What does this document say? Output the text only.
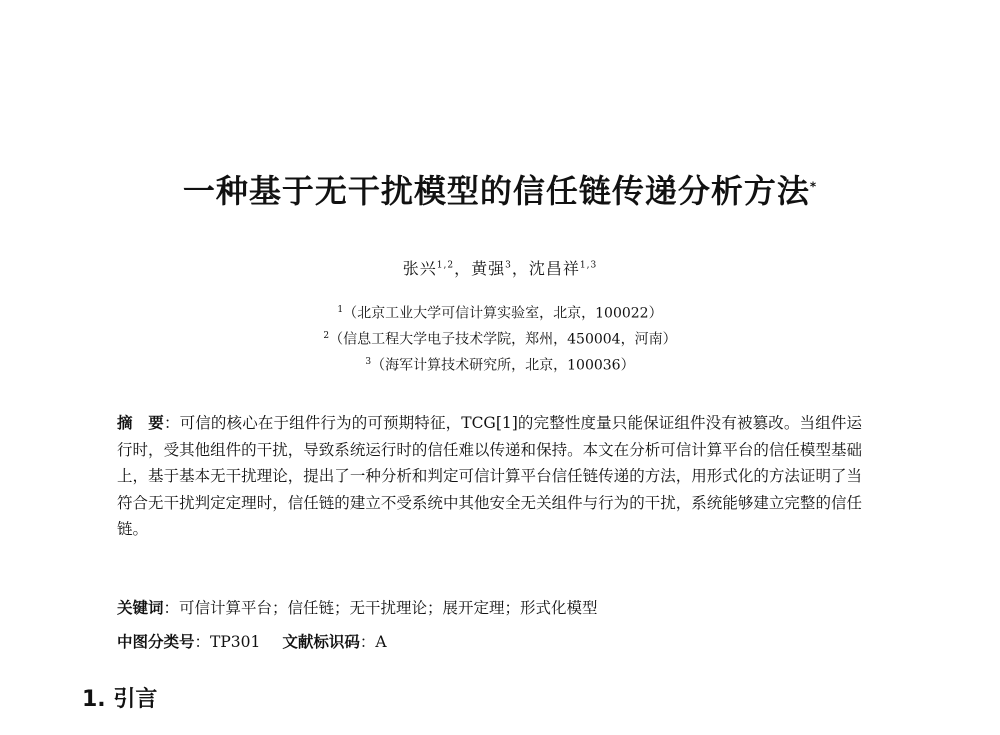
一种基于无干扰模型的信任链传递分析方法*
张兴$^{1,2}$，黄强$^3$，沈昌祥$^{1,3}$
$^1$（北京工业大学可信计算实验室，北京，100022）
$^2$（信息工程大学电子技术学院，郑州，450004，河南）
$^3$（海军计算技术研究所，北京，100036）
摘　要：可信的核心在于组件行为的可预期特征，TCG[1]的完整性度量只能保证组件没有被篡改。当组件运行时，受其他组件的干扰，导致系统运行时的信任难以传递和保持。本文在分析可信计算平台的信任模型基础上，基于基本无干扰理论，提出了一种分析和判定可信计算平台信任链传递的方法，用形式化的方法证明了当符合无干扰判定定理时，信任链的建立不受系统中其他安全无关组件与行为的干扰，系统能够建立完整的信任链。
关键词：可信计算平台；信任链；无干扰理论；展开定理；形式化模型
中图分类号：TP301 文献标识码：A
1. 引言
